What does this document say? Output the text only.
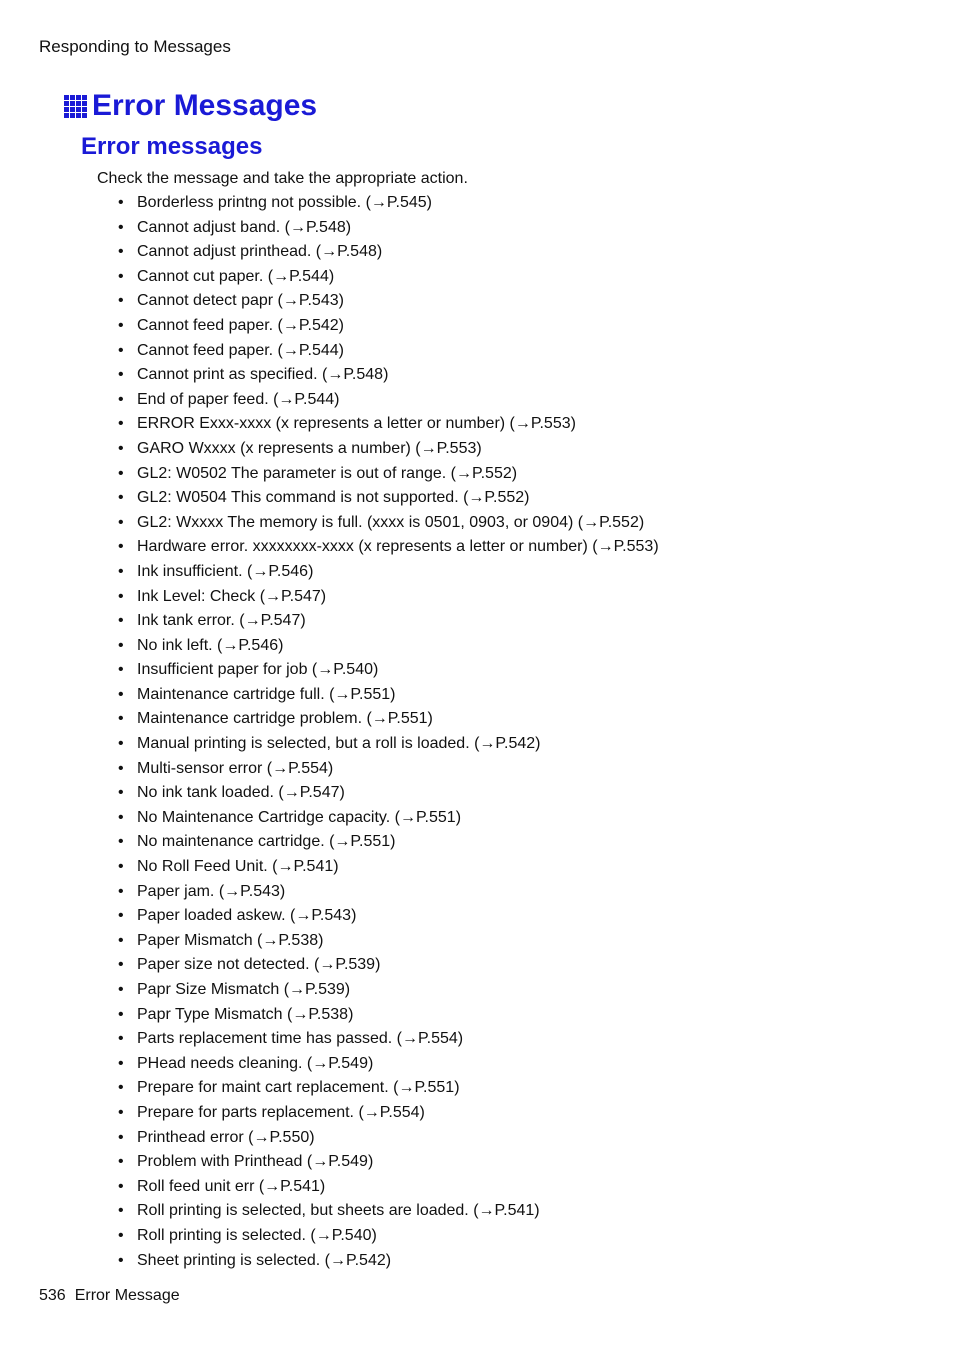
Responding to Messages
Error Messages
Error messages
Check the message and take the appropriate action.
• Borderless printng not possible. (→P.545)
• Cannot adjust band. (→P.548)
• Cannot adjust printhead. (→P.548)
• Cannot cut paper. (→P.544)
• Cannot detect papr (→P.543)
• Cannot feed paper. (→P.542)
• Cannot feed paper. (→P.544)
• Cannot print as specified. (→P.548)
• End of paper feed. (→P.544)
• ERROR Exxx-xxxx (x represents a letter or number) (→P.553)
• GARO Wxxxx (x represents a number) (→P.553)
• GL2: W0502 The parameter is out of range. (→P.552)
• GL2: W0504 This command is not supported. (→P.552)
• GL2: Wxxxx The memory is full. (xxxx is 0501, 0903, or 0904) (→P.552)
• Hardware error. xxxxxxxx-xxxx (x represents a letter or number) (→P.553)
• Ink insufficient. (→P.546)
• Ink Level: Check (→P.547)
• Ink tank error. (→P.547)
• No ink left. (→P.546)
• Insufficient paper for job (→P.540)
• Maintenance cartridge full. (→P.551)
• Maintenance cartridge problem. (→P.551)
• Manual printing is selected, but a roll is loaded. (→P.542)
• Multi-sensor error (→P.554)
• No ink tank loaded. (→P.547)
• No Maintenance Cartridge capacity. (→P.551)
• No maintenance cartridge. (→P.551)
• No Roll Feed Unit. (→P.541)
• Paper jam. (→P.543)
• Paper loaded askew. (→P.543)
• Paper Mismatch (→P.538)
• Paper size not detected. (→P.539)
• Papr Size Mismatch (→P.539)
• Papr Type Mismatch (→P.538)
• Parts replacement time has passed. (→P.554)
• PHead needs cleaning. (→P.549)
• Prepare for maint cart replacement. (→P.551)
• Prepare for parts replacement. (→P.554)
• Printhead error (→P.550)
• Problem with Printhead (→P.549)
• Roll feed unit err (→P.541)
• Roll printing is selected, but sheets are loaded. (→P.541)
• Roll printing is selected. (→P.540)
• Sheet printing is selected. (→P.542)
536 Error Message
